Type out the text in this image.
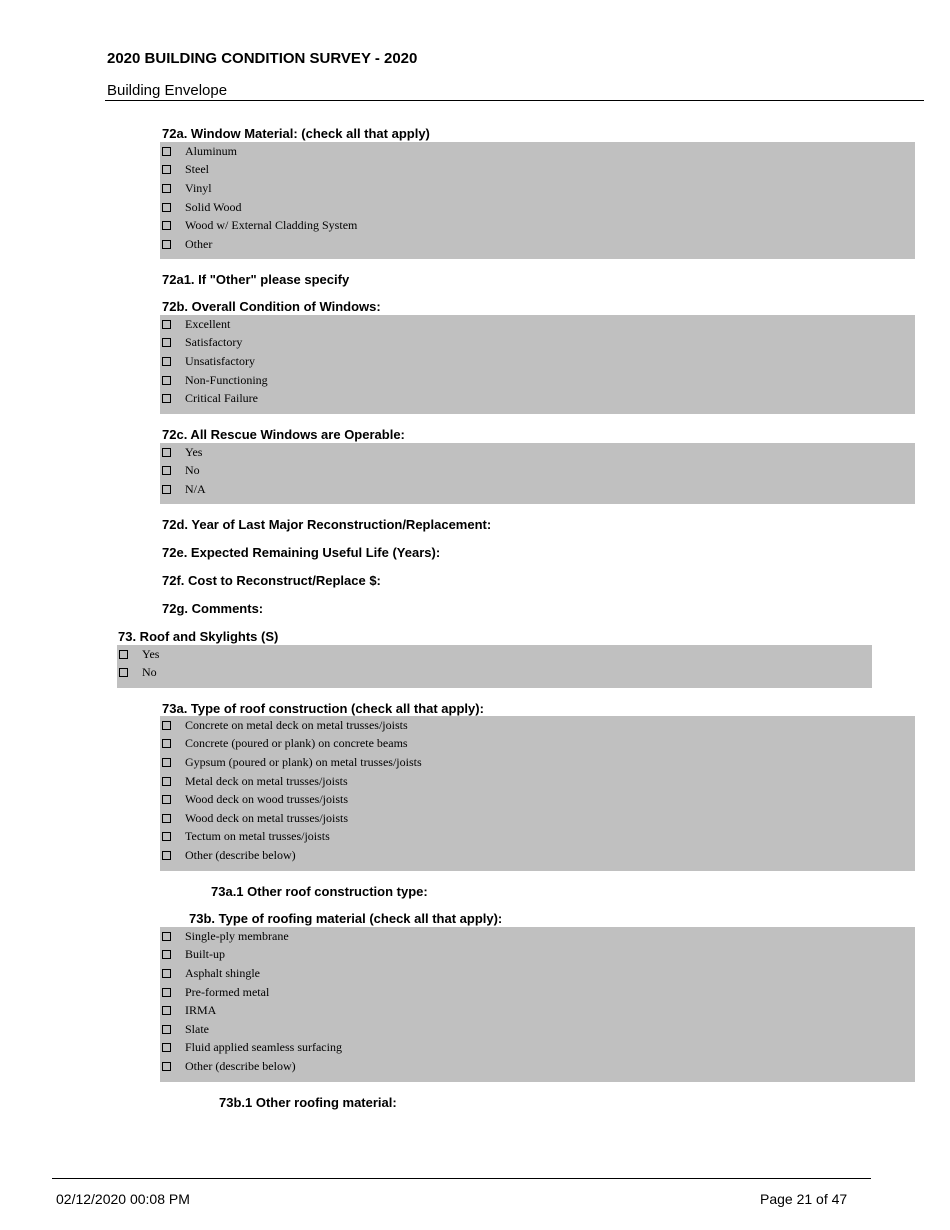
2020 BUILDING CONDITION SURVEY - 2020
Building Envelope
72a. Window Material: (check all that apply)
Aluminum
Steel
Vinyl
Solid Wood
Wood w/ External Cladding System
Other
72a1. If "Other" please specify
72b. Overall Condition of Windows:
Excellent
Satisfactory
Unsatisfactory
Non-Functioning
Critical Failure
72c. All Rescue Windows are Operable:
Yes
No
N/A
72d. Year of Last Major Reconstruction/Replacement:
72e. Expected Remaining Useful Life (Years):
72f. Cost to Reconstruct/Replace $:
72g. Comments:
73. Roof and Skylights (S)
Yes
No
73a. Type of roof construction (check all that apply):
Concrete on metal deck on metal trusses/joists
Concrete (poured or plank) on concrete beams
Gypsum (poured or plank) on metal trusses/joists
Metal deck on metal trusses/joists
Wood deck on wood trusses/joists
Wood deck on metal trusses/joists
Tectum on metal trusses/joists
Other (describe below)
73a.1 Other roof construction type:
73b. Type of roofing material (check all that apply):
Single-ply membrane
Built-up
Asphalt shingle
Pre-formed metal
IRMA
Slate
Fluid applied seamless surfacing
Other (describe below)
73b.1 Other roofing material:
02/12/2020 00:08 PM	Page 21 of 47
